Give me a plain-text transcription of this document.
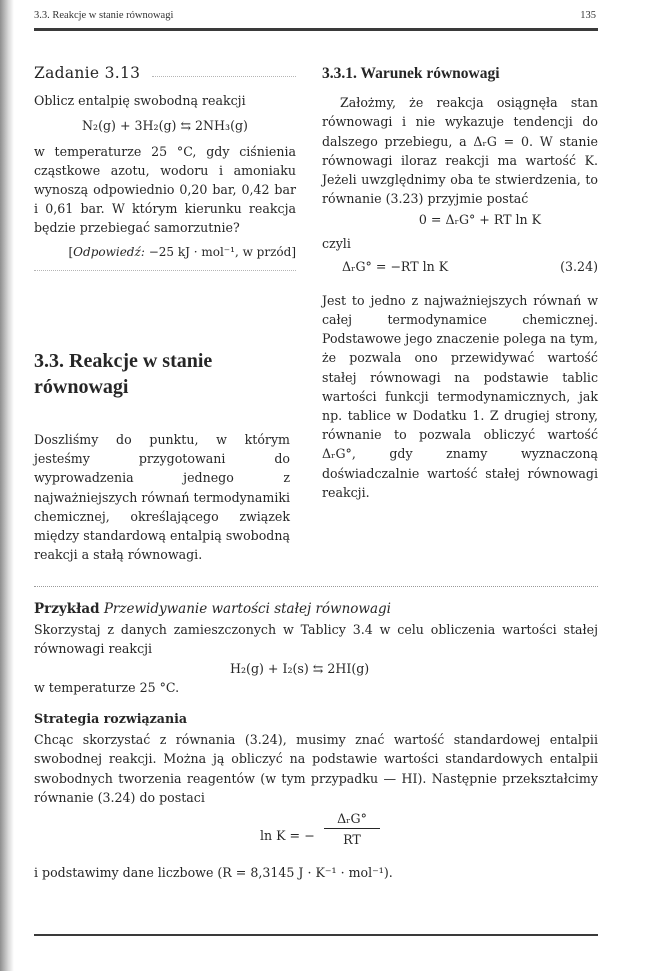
3.3. Reakcje w stanie równowagi	135
Zadanie 3.13

Oblicz entalpię swobodną reakcji

N₂(g) + 3H₂(g) ⇆ 2NH₃(g)

w temperaturze 25 °C, gdy ciśnienia cząstkowe azotu, wodoru i amoniaku wynoszą odpowiednio 0,20 bar, 0,42 bar i 0,61 bar. W którym kierunku reakcja będzie przebiegać samorzutnie?

[Odpowiedź: −25 kJ · mol⁻¹, w przód]

3.3. Reakcje w stanie
równowagi

Doszliśmy do punktu, w którym jesteśmy przygotowani do wyprowadzenia jednego z najważniejszych równań termodynamiki chemicznej, określającego związek między standardową entalpią swobodną reakcji a stałą równowagi.

3.3.1. Warunek równowagi

Założmy, że reakcja osiągnęła stan równowagi i nie wykazuje tendencji do dalszego przebiegu, a ΔᵣG = 0. W stanie równowagi iloraz reakcji ma wartość K. Jeżeli uwzględnimy oba te stwierdzenia, to równanie (3.23) przyjmie postać

0 = ΔᵣG° + RT ln K

czyli

ΔᵣG° = −RT ln K	(3.24)

Jest to jedno z najważniejszych równań w całej termodynamice chemicznej. Podstawowe jego znaczenie polega na tym, że pozwala ono przewidywać wartość stałej równowagi na podstawie tablic wartości funkcji termodynamicznych, jak np. tablice w Dodatku 1. Z drugiej strony, równanie to pozwala obliczyć wartość ΔᵣG°, gdy znamy wyznaczoną doświadczalnie wartość stałej równowagi reakcji.

Przykład Przewidywanie wartości stałej równowagi

Skorzystaj z danych zamieszczonych w Tablicy 3.4 w celu obliczenia wartości stałej równowagi reakcji

H₂(g) + I₂(s) ⇆ 2HI(g)

w temperaturze 25 °C.

Strategia rozwiązania

Chcąc skorzystać z równania (3.24), musimy znać wartość standardowej entalpii swobodnej reakcji. Można ją obliczyć na podstawie wartości standardowych entalpii swobodnych tworzenia reagentów (w tym przypadku — HI). Następnie przekształcimy równanie (3.24) do postaci

ln K = −
ΔᵣG°
RT

i podstawimy dane liczbowe (R = 8,3145 J · K⁻¹ · mol⁻¹).
